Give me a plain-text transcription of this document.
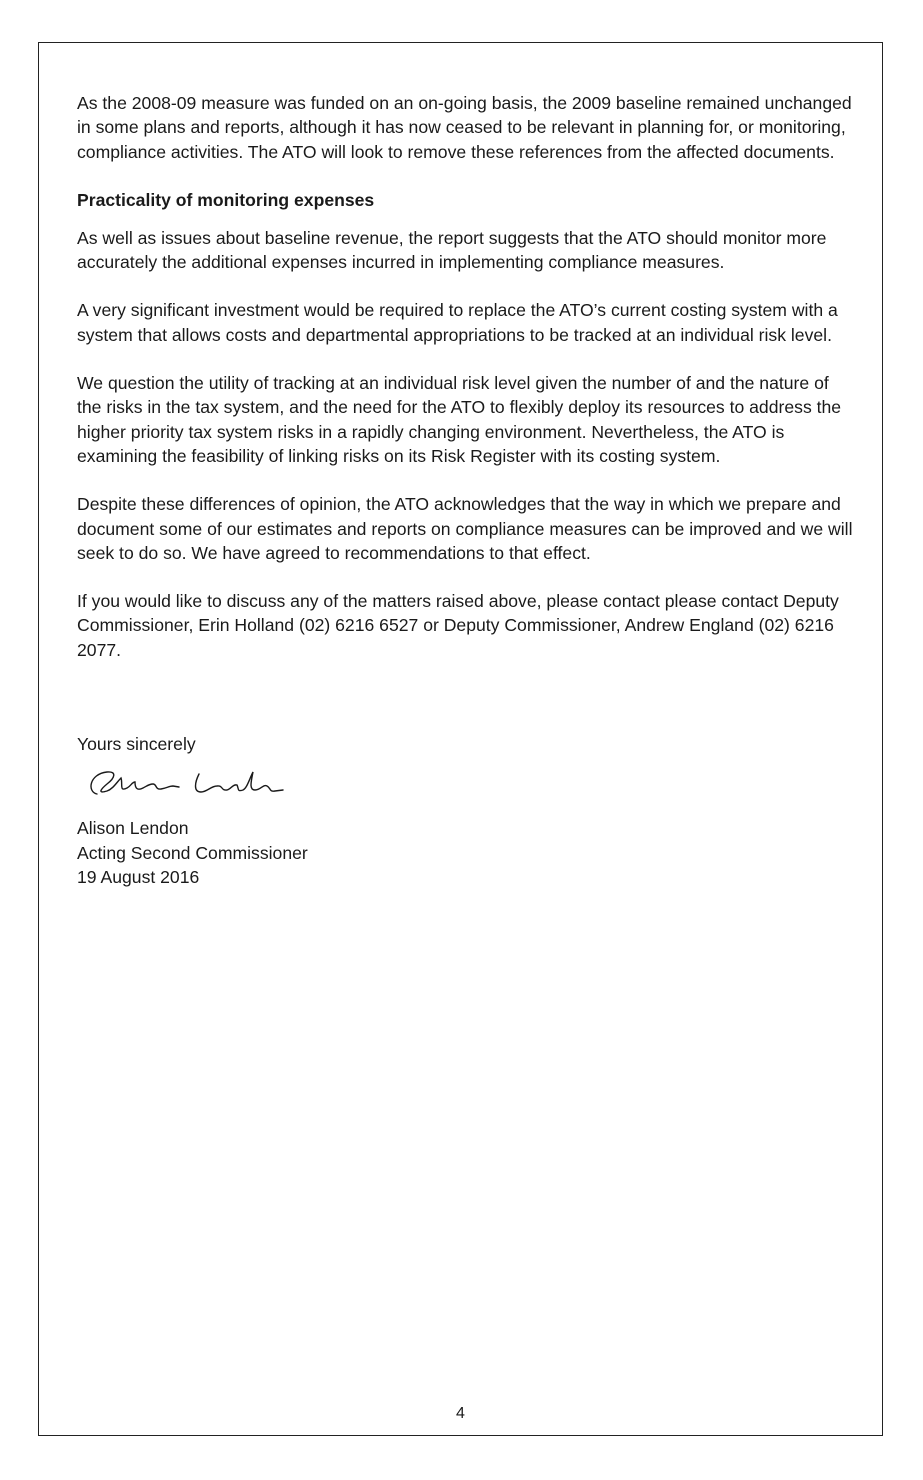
As the 2008-09 measure was funded on an on-going basis, the 2009 baseline remained unchanged in some plans and reports, although it has now ceased to be relevant in planning for, or monitoring, compliance activities. The ATO will look to remove these references from the affected documents.

Practicality of monitoring expenses

As well as issues about baseline revenue, the report suggests that the ATO should monitor more accurately the additional expenses incurred in implementing compliance measures.

A very significant investment would be required to replace the ATO’s current costing system with a system that allows costs and departmental appropriations to be tracked at an individual risk level.

We question the utility of tracking at an individual risk level given the number of and the nature of the risks in the tax system, and the need for the ATO to flexibly deploy its resources to address the higher priority tax system risks in a rapidly changing environment. Nevertheless, the ATO is examining the feasibility of linking risks on its Risk Register with its costing system.

Despite these differences of opinion, the ATO acknowledges that the way in which we prepare and document some of our estimates and reports on compliance measures can be improved and we will seek to do so. We have agreed to recommendations to that effect.

If you would like to discuss any of the matters raised above, please contact please contact Deputy Commissioner, Erin Holland (02) 6216 6527 or Deputy Commissioner, Andrew England (02) 6216 2077.

Yours sincerely

Alison Lendon

Acting Second Commissioner

19 August 2016

4
